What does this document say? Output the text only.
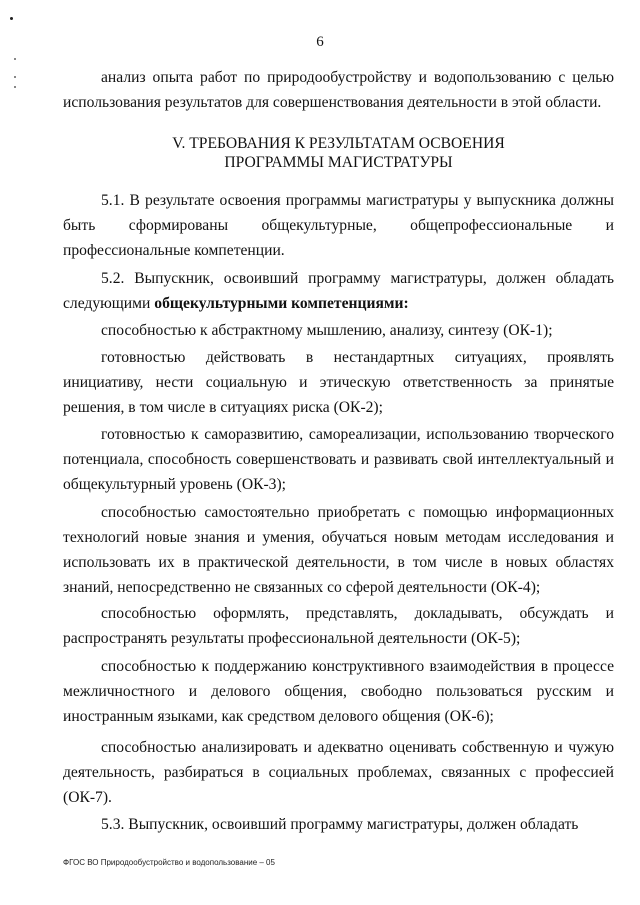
6
анализ опыта работ по природообустройству и водопользованию с целью использования результатов для совершенствования деятельности в этой области.
V. ТРЕБОВАНИЯ К РЕЗУЛЬТАТАМ ОСВОЕНИЯ
ПРОГРАММЫ МАГИСТРАТУРЫ
5.1. В результате освоения программы магистратуры у выпускника должны быть сформированы общекультурные, общепрофессиональные и профессиональные компетенции.
5.2. Выпускник, освоивший программу магистратуры, должен обладать следующими общекультурными компетенциями:
способностью к абстрактному мышлению, анализу, синтезу (ОК-1);
готовностью действовать в нестандартных ситуациях, проявлять инициативу, нести социальную и этическую ответственность за принятые решения, в том числе в ситуациях риска (ОК-2);
готовностью к саморазвитию, самореализации, использованию творческого потенциала, способность совершенствовать и развивать свой интеллектуальный и общекультурный уровень (ОК-3);
способностью самостоятельно приобретать с помощью информационных технологий новые знания и умения, обучаться новым методам исследования и использовать их в практической деятельности, в том числе в новых областях знаний, непосредственно не связанных со сферой деятельности (ОК-4);
способностью оформлять, представлять, докладывать, обсуждать и распространять результаты профессиональной деятельности (ОК-5);
способностью к поддержанию конструктивного взаимодействия в процессе межличностного и делового общения, свободно пользоваться русским и иностранным языками, как средством делового общения (ОК-6);
способностью анализировать и адекватно оценивать собственную и чужую деятельность, разбираться в социальных проблемах, связанных с профессией (ОК-7).
5.3. Выпускник, освоивший программу магистратуры, должен обладать
ФГОС ВО Природообустройство и водопользование – 05
